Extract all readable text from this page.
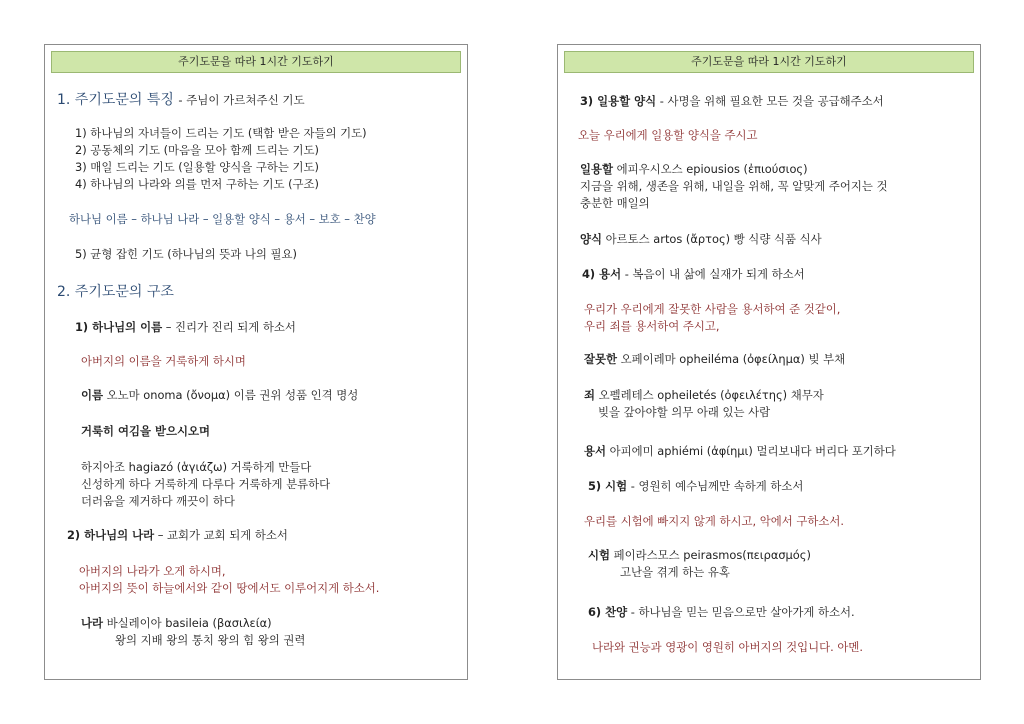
주기도문을 따라 1시간 기도하기
1. 주기도문의 특징 - 주님이 가르쳐주신 기도
1) 하나님의 자녀들이 드리는 기도 (택함 받은 자들의 기도)
2) 공동체의 기도 (마음을 모아 함께 드리는 기도)
3) 매일 드리는 기도 (일용할 양식을 구하는 기도)
4) 하나님의 나라와 의를 먼저 구하는 기도 (구조)
하나님 이름 – 하나님 나라 – 일용할 양식 – 용서 – 보호 – 찬양
5) 균형 잡힌 기도 (하나님의 뜻과 나의 필요)
2. 주기도문의 구조
1) 하나님의 이름 – 진리가 진리 되게 하소서
아버지의 이름을 거룩하게 하시며
이름 오노마 onoma (ὄνομα) 이름 권위 성품 인격 명성
거룩히 여김을 받으시오며
하지아조 hagiazó (ἁγιάζω) 거룩하게 만들다
신성하게 하다 거룩하게 다루다 거룩하게 분류하다
더러움을 제거하다 깨끗이 하다
2) 하나님의 나라 – 교회가 교회 되게 하소서
아버지의 나라가 오게 하시며,
아버지의 뜻이 하늘에서와 같이 땅에서도 이루어지게 하소서.
나라 바실레이아 basileia (βασιλεία)
왕의 지배 왕의 통치 왕의 힘 왕의 권력
주기도문을 따라 1시간 기도하기
3) 일용할 양식 - 사명을 위해 필요한 모든 것을 공급해주소서
오늘 우리에게 일용할 양식을 주시고
일용할 에피우시오스 epiousios (ἐπιούσιος)
지금을 위해, 생존을 위해, 내일을 위해, 꼭 알맞게 주어지는 것
충분한 매일의
양식 아르토스 artos (ἄρτος) 빵 식량 식품 식사
4) 용서 - 복음이 내 삶에 실재가 되게 하소서
우리가 우리에게 잘못한 사람을 용서하여 준 것같이,
우리 죄를 용서하여 주시고,
잘못한 오페이레마 opheiléma (ὀφείλημα) 빚 부채
죄 오펠레테스 opheiletés (ὀφειλέτης) 채무자
빚을 갚아야할 의무 아래 있는 사람
용서 아피에미 aphiémi (ἀφίημι) 멀리보내다 버리다 포기하다
5) 시험 - 영원히 예수님께만 속하게 하소서
우리를 시험에 빠지지 않게 하시고, 악에서 구하소서.
시험 페이라스모스 peirasmos(πειρασμός)
고난을 겪게 하는 유혹
6) 찬양 - 하나님을 믿는 믿음으로만 살아가게 하소서.
나라와 권능과 영광이 영원히 아버지의 것입니다. 아멘.
